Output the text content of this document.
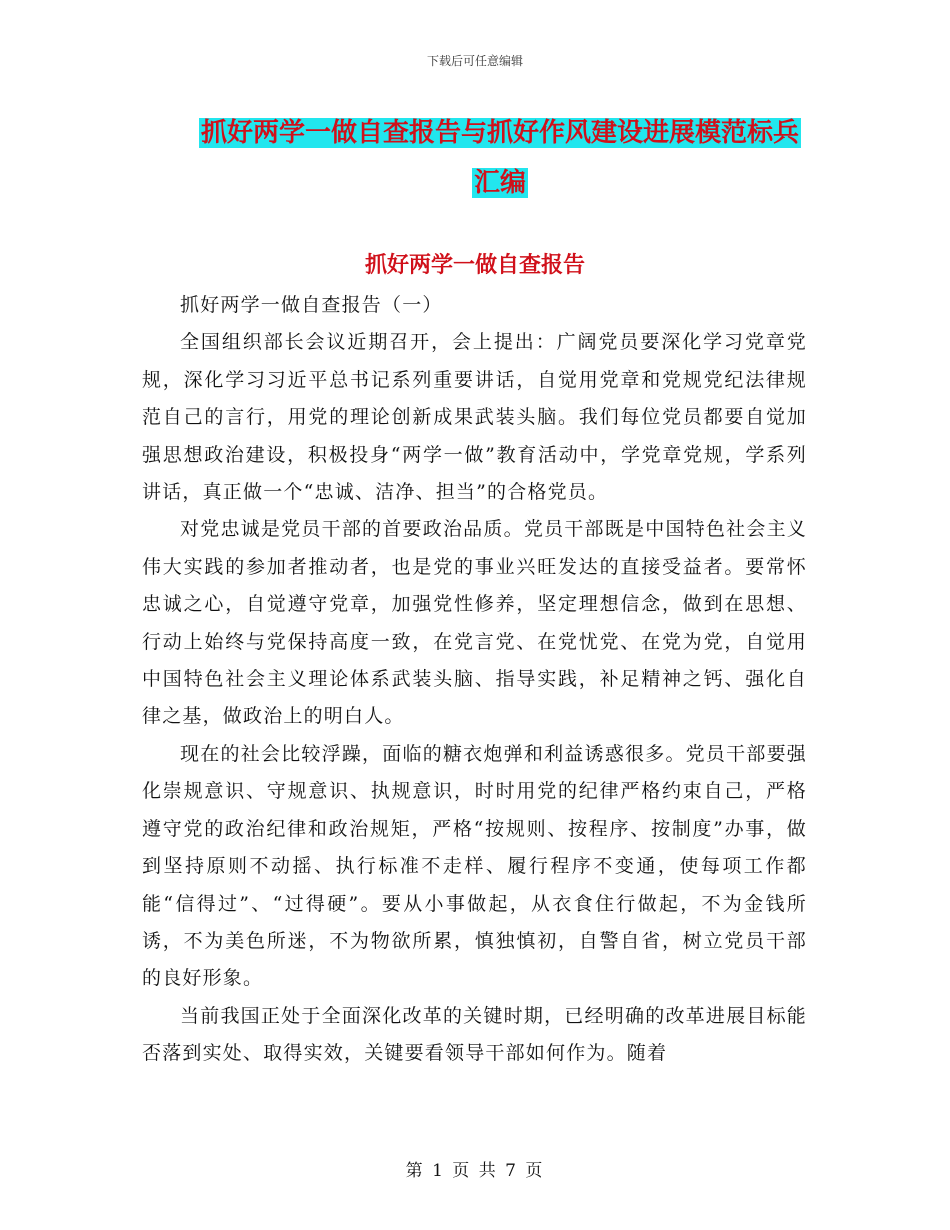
下载后可任意编辑
抓好两学一做自查报告与抓好作风建设进展模范标兵
汇编
抓好两学一做自查报告

抓好两学一做自查报告（一）

全国组织部长会议近期召开，会上提出：广阔党员要深化学习党章党规，深化学习习近平总书记系列重要讲话，自觉用党章和党规党纪法律规范自己的言行，用党的理论创新成果武装头脑。我们每位党员都要自觉加强思想政治建设，积极投身“两学一做”教育活动中，学党章党规，学系列讲话，真正做一个“忠诚、洁净、担当”的合格党员。

对党忠诚是党员干部的首要政治品质。党员干部既是中国特色社会主义伟大实践的参加者推动者，也是党的事业兴旺发达的直接受益者。要常怀忠诚之心，自觉遵守党章，加强党性修养，坚定理想信念，做到在思想、行动上始终与党保持高度一致，在党言党、在党忧党、在党为党，自觉用中国特色社会主义理论体系武装头脑、指导实践，补足精神之钙、强化自律之基，做政治上的明白人。

现在的社会比较浮躁，面临的糖衣炮弹和利益诱惑很多。党员干部要强化崇规意识、守规意识、执规意识，时时用党的纪律严格约束自己，严格遵守党的政治纪律和政治规矩，严格“按规则、按程序、按制度”办事，做到坚持原则不动摇、执行标准不走样、履行程序不变通，使每项工作都能“信得过”、“过得硬”。要从小事做起，从衣食住行做起，不为金钱所诱，不为美色所迷，不为物欲所累，慎独慎初，自警自省，树立党员干部的良好形象。

当前我国正处于全面深化改革的关键时期，已经明确的改革进展目标能否落到实处、取得实效，关键要看领导干部如何作为。随着

第 1 页 共 7 页
